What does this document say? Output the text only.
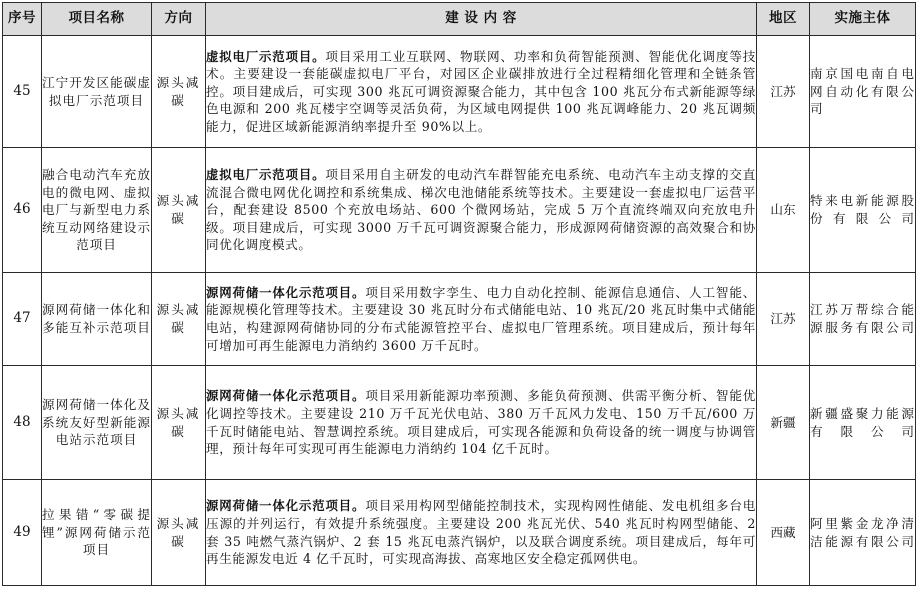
序号	项目名称	方向	建 设 内 容	地区	实施主体
45	江宁开发区能碳虚拟电厂示范项目	源头减碳	虚拟电厂示范项目。项目采用工业互联网、物联网、功率和负荷智能预测、智能优化调度等技术。主要建设一套能碳虚拟电厂平台，对园区企业碳排放进行全过程精细化管理和全链条管控。项目建成后，可实现 300 兆瓦可调资源聚合能力，其中包含 100 兆瓦分布式新能源等绿色电源和 200 兆瓦楼宇空调等灵活负荷，为区域电网提供 100 兆瓦调峰能力、20 兆瓦调频能力，促进区域新能源消纳率提升至 90%以上。	江苏	南京国电南自电网自动化有限公司
46	融合电动汽车充放电的微电网、虚拟电厂与新型电力系统互动网络建设示范项目	源头减碳	虚拟电厂示范项目。项目采用自主研发的电动汽车群智能充电系统、电动汽车主动支撑的交直流混合微电网优化调控和系统集成、梯次电池储能系统等技术。主要建设一套虚拟电厂运营平台，配套建设 8500 个充放电场站、600 个微网场站，完成 5 万个直流终端双向充放电升级。项目建成后，可实现 3000 万千瓦可调资源聚合能力，形成源网荷储资源的高效聚合和协同优化调度模式。	山东	特来电新能源股份有限公司
47	源网荷储一体化和多能互补示范项目	源头减碳	源网荷储一体化示范项目。项目采用数字孪生、电力自动化控制、能源信息通信、人工智能、能源规模化管理等技术。主要建设 30 兆瓦时分布式储能电站、10 兆瓦/20 兆瓦时集中式储能电站，构建源网荷储协同的分布式能源管控平台、虚拟电厂管理系统。项目建成后，预计每年可增加可再生能源电力消纳约 3600 万千瓦时。	江苏	江苏万帮综合能源服务有限公司
48	源网荷储一体化及系统友好型新能源电站示范项目	源头减碳	源网荷储一体化示范项目。项目采用新能源功率预测、多能负荷预测、供需平衡分析、智能优化调控等技术。主要建设 210 万千瓦光伏电站、380 万千瓦风力发电、150 万千瓦/600 万千瓦时储能电站、智慧调控系统。项目建成后，可实现各能源和负荷设备的统一调度与协调管理，预计每年可实现可再生能源电力消纳约 104 亿千瓦时。	新疆	新疆盛聚力能源有限公司
49	拉果错“零碳提锂”源网荷储示范项目	源头减碳	源网荷储一体化示范项目。项目采用构网型储能控制技术，实现构网性储能、发电机组多台电压源的并列运行，有效提升系统强度。主要建设 200 兆瓦光伏、540 兆瓦时构网型储能、2 套 35 吨燃气蒸汽锅炉、2 套 15 兆瓦电蒸汽锅炉，以及联合调度系统。项目建成后，每年可再生能源发电近 4 亿千瓦时，可实现高海拔、高寒地区安全稳定孤网供电。	西藏	阿里紫金龙净清洁能源有限公司
